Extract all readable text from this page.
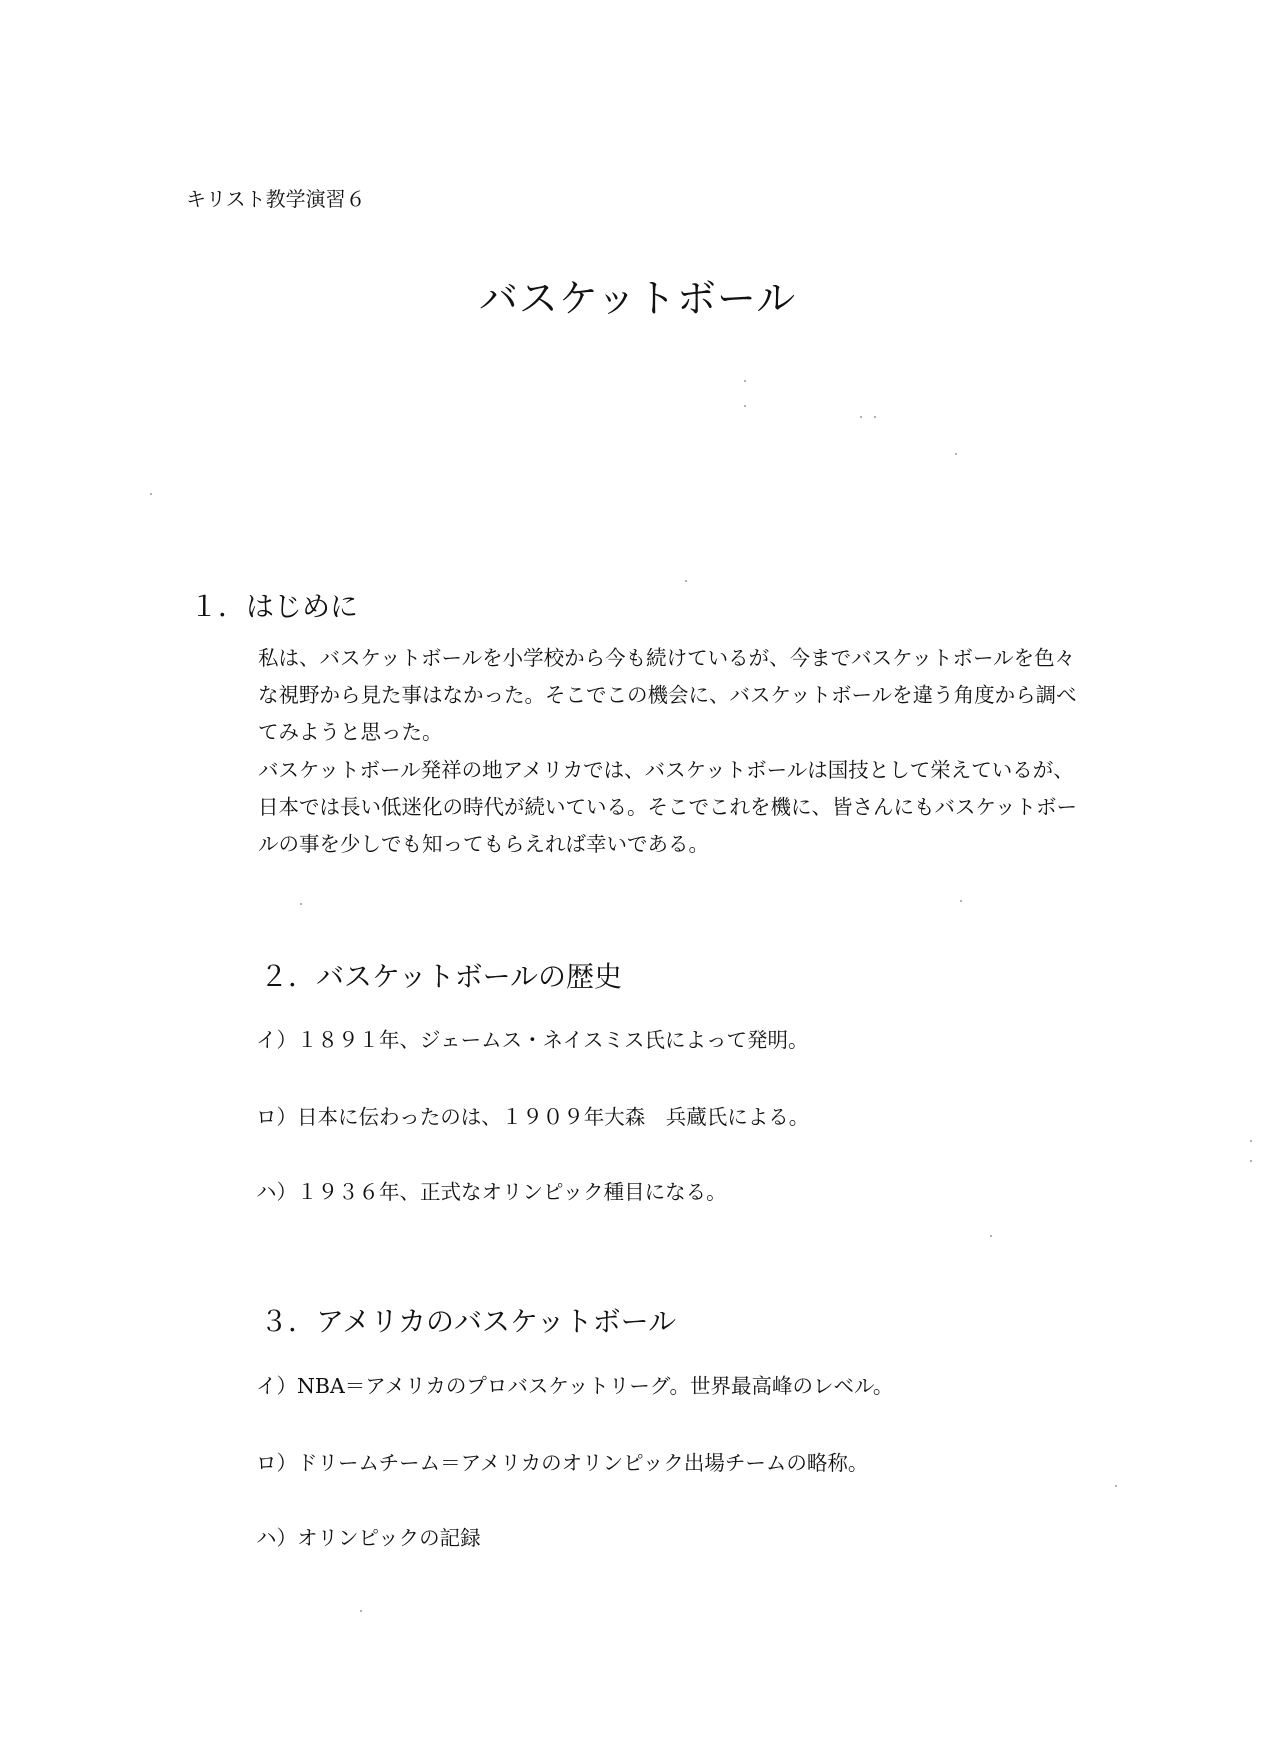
キリスト教学演習６
バスケットボール
１．はじめに

私は、バスケットボールを小学校から今も続けているが、今までバスケットボールを色々な視野から見た事はなかった。そこでこの機会に、バスケットボールを違う角度から調べてみようと思った。

バスケットボール発祥の地アメリカでは、バスケットボールは国技として栄えているが、日本では長い低迷化の時代が続いている。そこでこれを機に、皆さんにもバスケットボールの事を少しでも知ってもらえれば幸いである。

２．バスケットボールの歴史

イ）１８９１年、ジェームス・ネイスミス氏によって発明。

ロ）日本に伝わったのは、１９０９年大森　兵蔵氏による。

ハ）１９３６年、正式なオリンピック種目になる。

３．アメリカのバスケットボール

イ）NBA＝アメリカのプロバスケットリーグ。世界最高峰のレベル。

ロ）ドリームチーム＝アメリカのオリンピック出場チームの略称。

ハ）オリンピックの記録
